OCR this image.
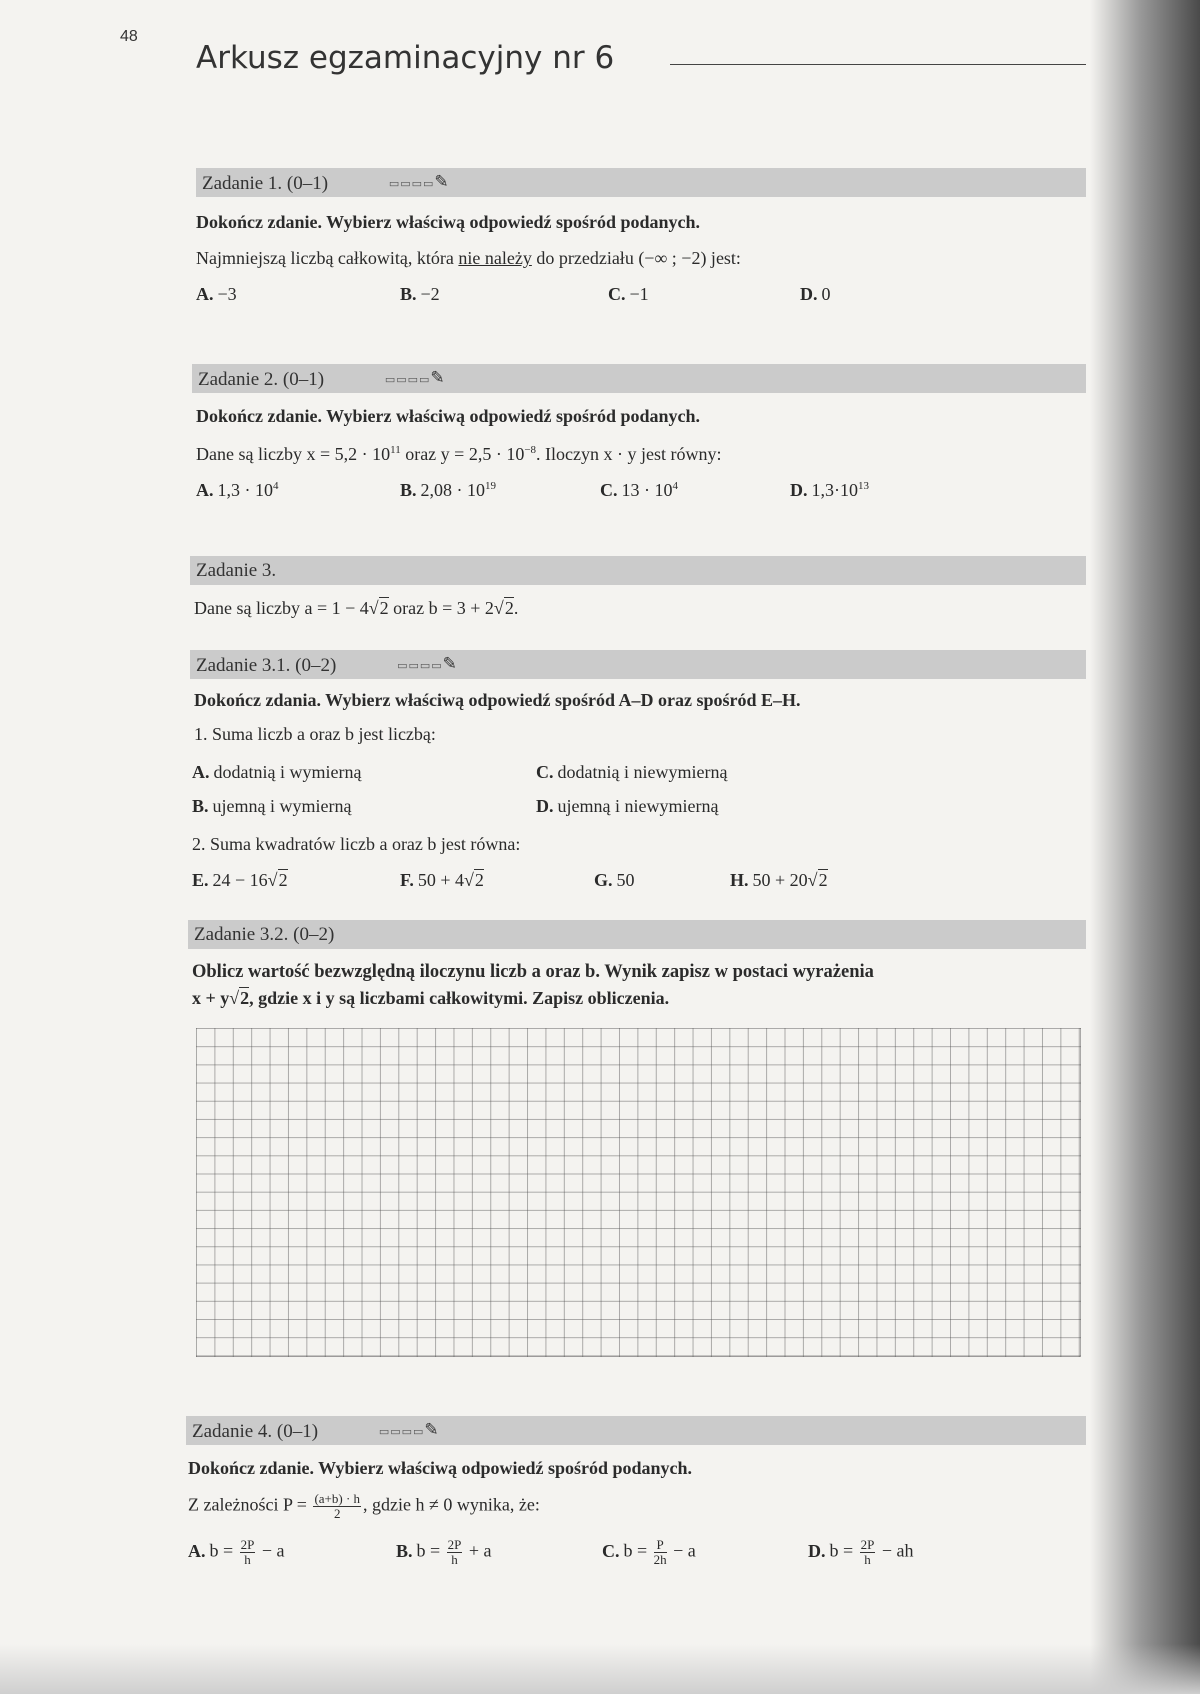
48
Arkusz egzaminacyjny nr 6
Zadanie 1. (0–1)	▭▭▭▭✎
Dokończ zdanie. Wybierz właściwą odpowiedź spośród podanych.
Najmniejszą liczbą całkowitą, która nie należy do przedziału (−∞ ; −2) jest:
A. −3	B. −2	C. −1	D. 0
Zadanie 2. (0–1)	▭▭▭▭✎
Dokończ zdanie. Wybierz właściwą odpowiedź spośród podanych.
Dane są liczby $x = 5,2 \cdot 10^{11}$ oraz $y = 2,5 \cdot 10^{-8}$. Iloczyn x · y jest równy:
A. $1,3 \cdot 10^4$	B. $2,08 \cdot 10^{19}$	C. $13 \cdot 10^4$	D. $1,3\cdot 10^{13}$
Zadanie 3.
Dane są liczby a = 1 − 4√2 oraz b = 3 + 2√2.
Zadanie 3.1. (0–2)	▭▭▭▭✎
Dokończ zdania. Wybierz właściwą odpowiedź spośród A–D oraz spośród E–H.
1. Suma liczb a oraz b jest liczbą:
A. dodatnią i wymierną	C. dodatnią i niewymierną
B. ujemną i wymierną	D. ujemną i niewymierną
2. Suma kwadratów liczb a oraz b jest równa:
E. 24 − 16√2	F. 50 + 4√2	G. 50	H. 50 + 20√2
Zadanie 3.2. (0–2)
Oblicz wartość bezwzględną iloczynu liczb a oraz b. Wynik zapisz w postaci wyrażenia
x + y√2, gdzie x i y są liczbami całkowitymi. Zapisz obliczenia.
Zadanie 4. (0–1)	▭▭▭▭✎
Dokończ zdanie. Wybierz właściwą odpowiedź spośród podanych.
Z zależności $P = \frac{(a+b) \cdot h}{2}$ , gdzie h ≠ 0 wynika, że:
A. $b = \frac{2P}{h} - a$	B. $b = \frac{2P}{h} + a$	C. $b = \frac{P}{2h} - a$	D. $b = \frac{2P}{h}$ − ah
